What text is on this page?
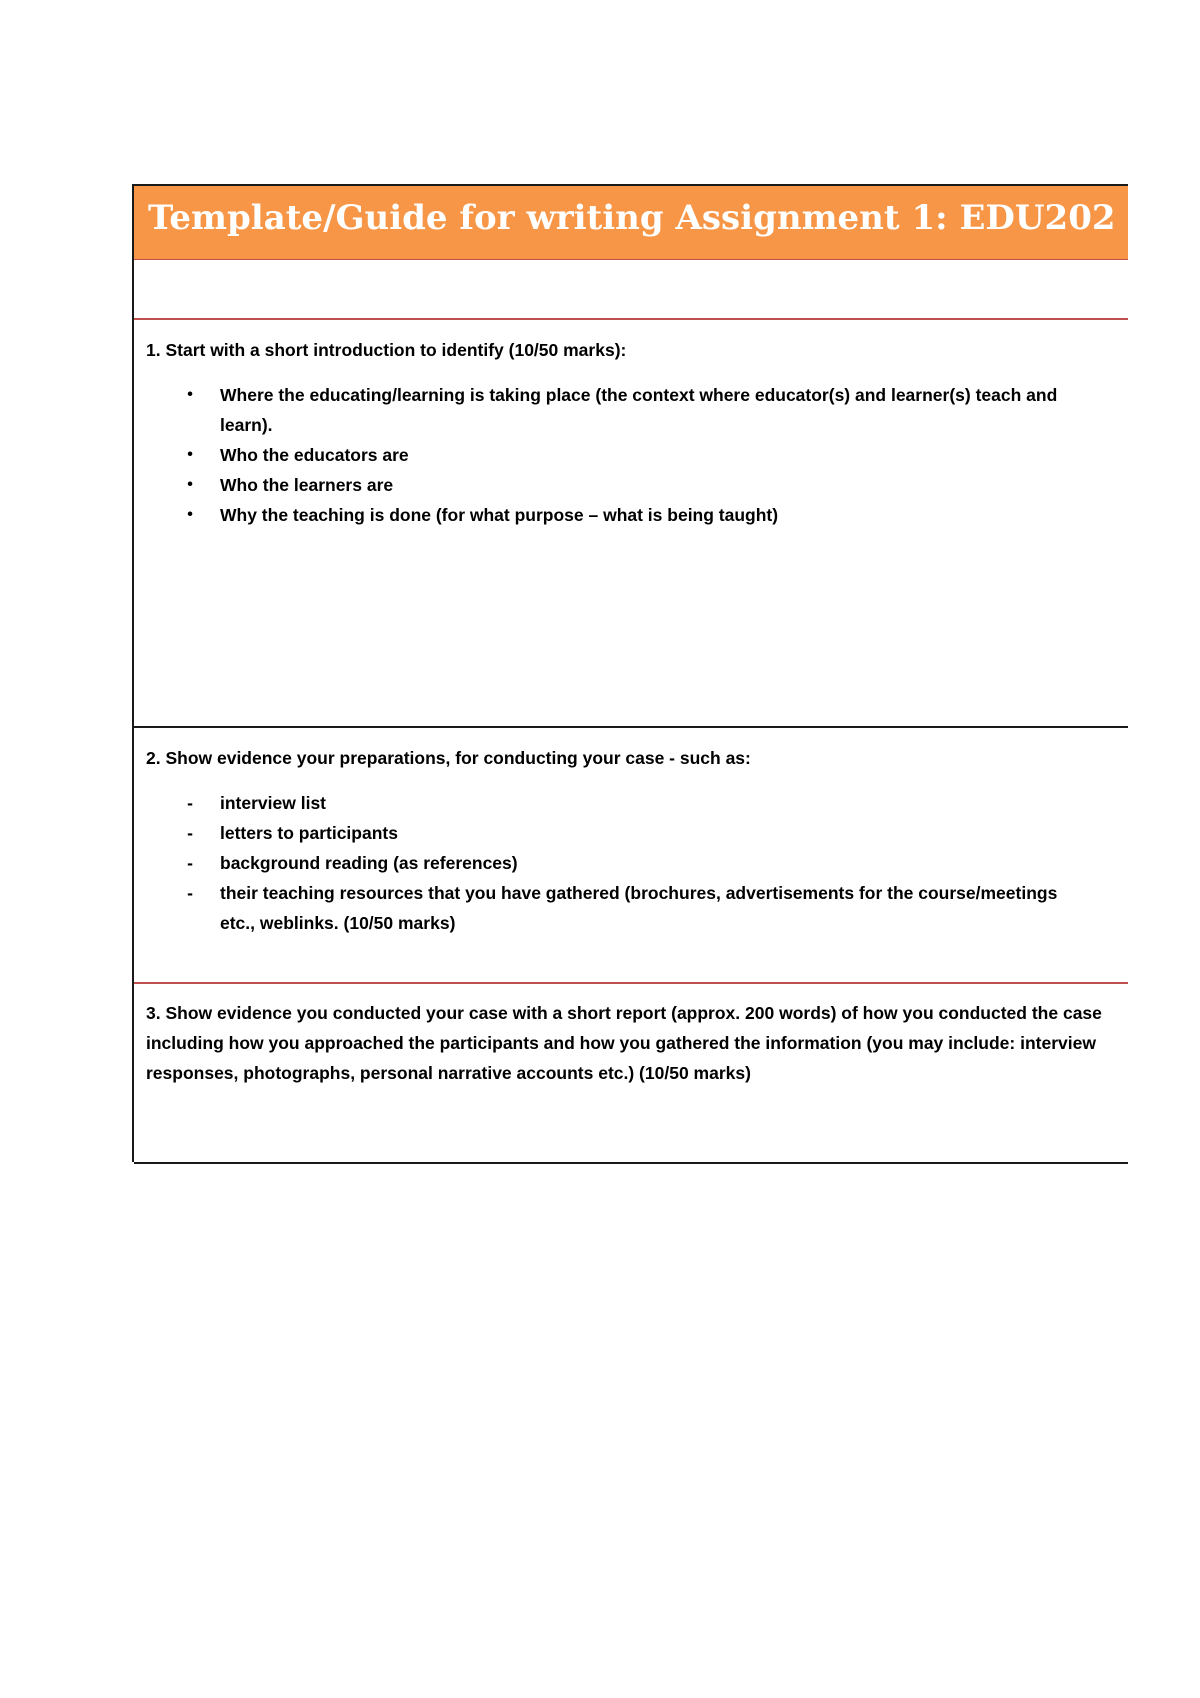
Template/Guide for writing Assignment 1: EDU202
1. Start with a short introduction to identify (10/50 marks):
•	Where the educating/learning is taking place (the context where educator(s) and learner(s) teach and learn).
•	Who the educators are
•	Who the learners are
•	Why the teaching is done (for what purpose – what is being taught)
2. Show evidence your preparations, for conducting your case - such as:
-	interview list
-	letters to participants
-	background reading (as references)
-	their teaching resources that you have gathered (brochures, advertisements for the course/meetings etc., weblinks. (10/50 marks)
3. Show evidence you conducted your case with a short report (approx. 200 words) of how you conducted the case including how you approached the participants and how you gathered the information (you may include: interview responses, photographs, personal narrative accounts etc.) (10/50 marks)
